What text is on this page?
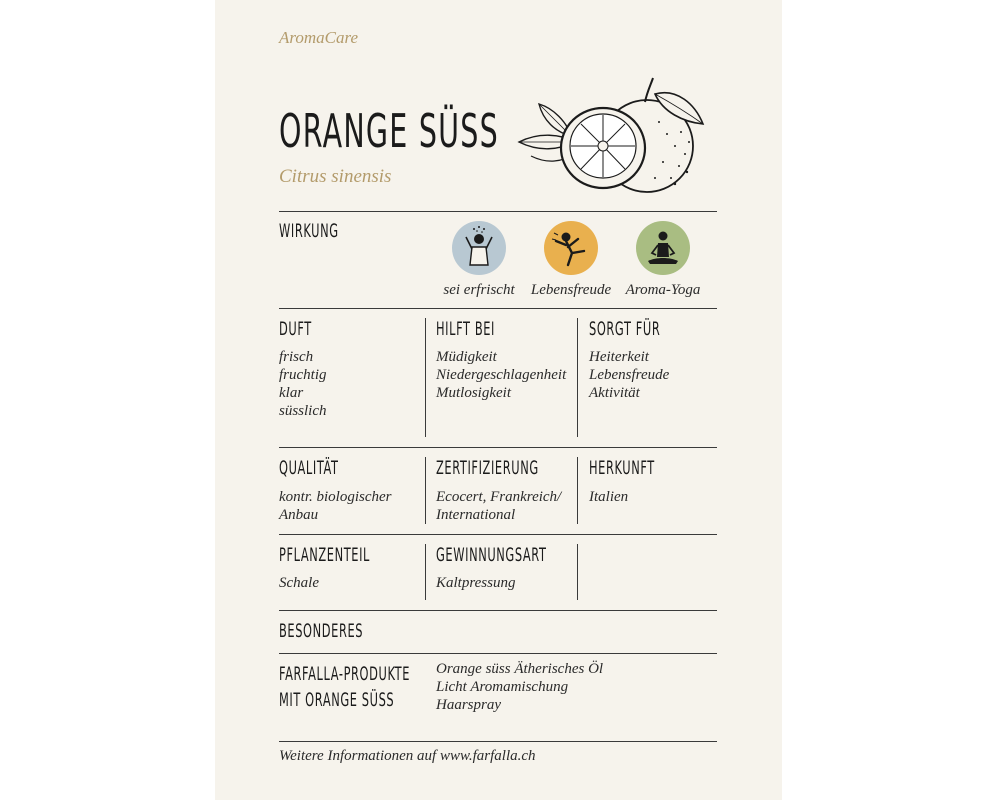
AromaCare
ORANGE SÜSS
Citrus sinensis
WIRKUNG
sei erfrischt	Lebensfreude Aroma-Yoga
DUFT
frisch
fruchtig
klar
süsslich
HILFT BEI
Müdigkeit
Niedergeschlagenheit
Mutlosigkeit
SORGT FÜR
Heiterkeit
Lebensfreude
Aktivität
QUALITÄT
kontr. biologischer
Anbau
ZERTIFIZIERUNG
Ecocert, Frankreich/
International
HERKUNFT
Italien
PFLANZENTEIL
Schale
GEWINNUNGSART
Kaltpressung
BESONDERES
FARFALLA-PRODUKTE
MIT ORANGE SÜSS
Orange süss Ätherisches Öl
Licht Aromamischung
Haarspray
Weitere Informationen auf www.farfalla.ch
